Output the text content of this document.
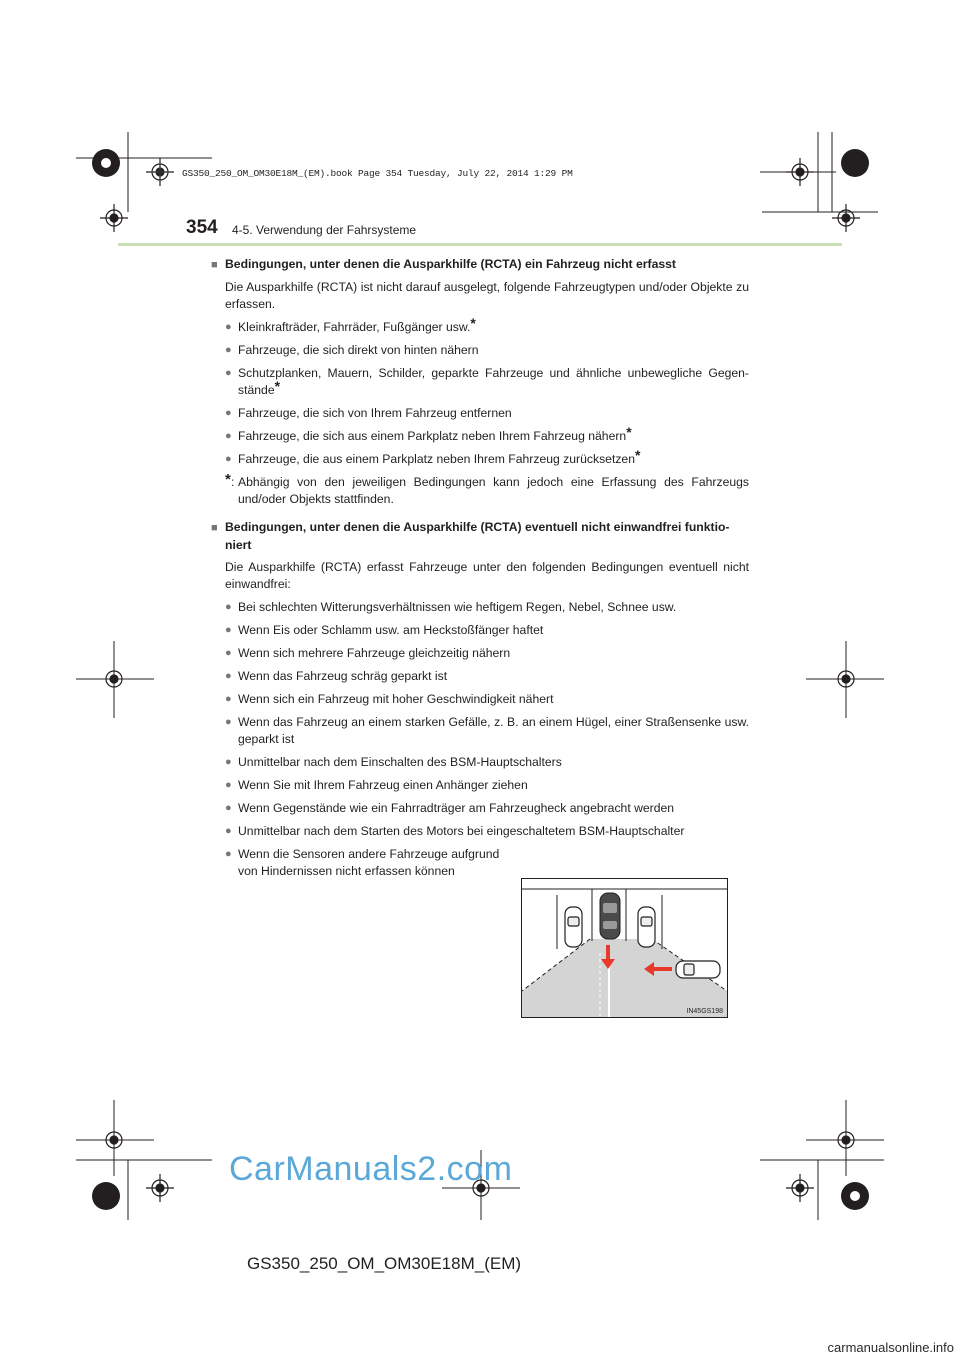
GS350_250_OM_OM30E18M_(EM).book Page 354 Tuesday, July 22, 2014 1:29 PM
354 4-5. Verwendung der Fahrsysteme

■ Bedingungen, unter denen die Ausparkhilfe (RCTA) ein Fahrzeug nicht erfasst

Die Ausparkhilfe (RCTA) ist nicht darauf ausgelegt, folgende Fahrzeugtypen und/oder Objekte zu erfassen.

● Kleinkrafträder, Fahrräder, Fußgänger usw.*

● Fahrzeuge, die sich direkt von hinten nähern

● Schutzplanken, Mauern, Schilder, geparkte Fahrzeuge und ähnliche unbewegliche Gegen-stände*

● Fahrzeuge, die sich von Ihrem Fahrzeug entfernen

● Fahrzeuge, die sich aus einem Parkplatz neben Ihrem Fahrzeug nähern*

● Fahrzeuge, die aus einem Parkplatz neben Ihrem Fahrzeug zurücksetzen*

* : Abhängig von den jeweiligen Bedingungen kann jedoch eine Erfassung des Fahrzeugs und/oder Objekts stattfinden.

■ Bedingungen, unter denen die Ausparkhilfe (RCTA) eventuell nicht einwandfrei funktio-niert

Die Ausparkhilfe (RCTA) erfasst Fahrzeuge unter den folgenden Bedingungen eventuell nicht einwandfrei:

● Bei schlechten Witterungsverhältnissen wie heftigem Regen, Nebel, Schnee usw.

● Wenn Eis oder Schlamm usw. am Heckstoßfänger haftet

● Wenn sich mehrere Fahrzeuge gleichzeitig nähern

● Wenn das Fahrzeug schräg geparkt ist

● Wenn sich ein Fahrzeug mit hoher Geschwindigkeit nähert

● Wenn das Fahrzeug an einem starken Gefälle, z. B. an einem Hügel, einer Straßensenke usw. geparkt ist

● Unmittelbar nach dem Einschalten des BSM-Hauptschalters

● Wenn Sie mit Ihrem Fahrzeug einen Anhänger ziehen

● Wenn Gegenstände wie ein Fahrradträger am Fahrzeugheck angebracht werden

● Unmittelbar nach dem Starten des Motors bei eingeschaltetem BSM-Hauptschalter

● Wenn die Sensoren andere Fahrzeuge aufgrund
von Hindernissen nicht erfassen können

IN45GS198
CarManuals2.com
GS350_250_OM_OM30E18M_(EM)
carmanualsonline.info
